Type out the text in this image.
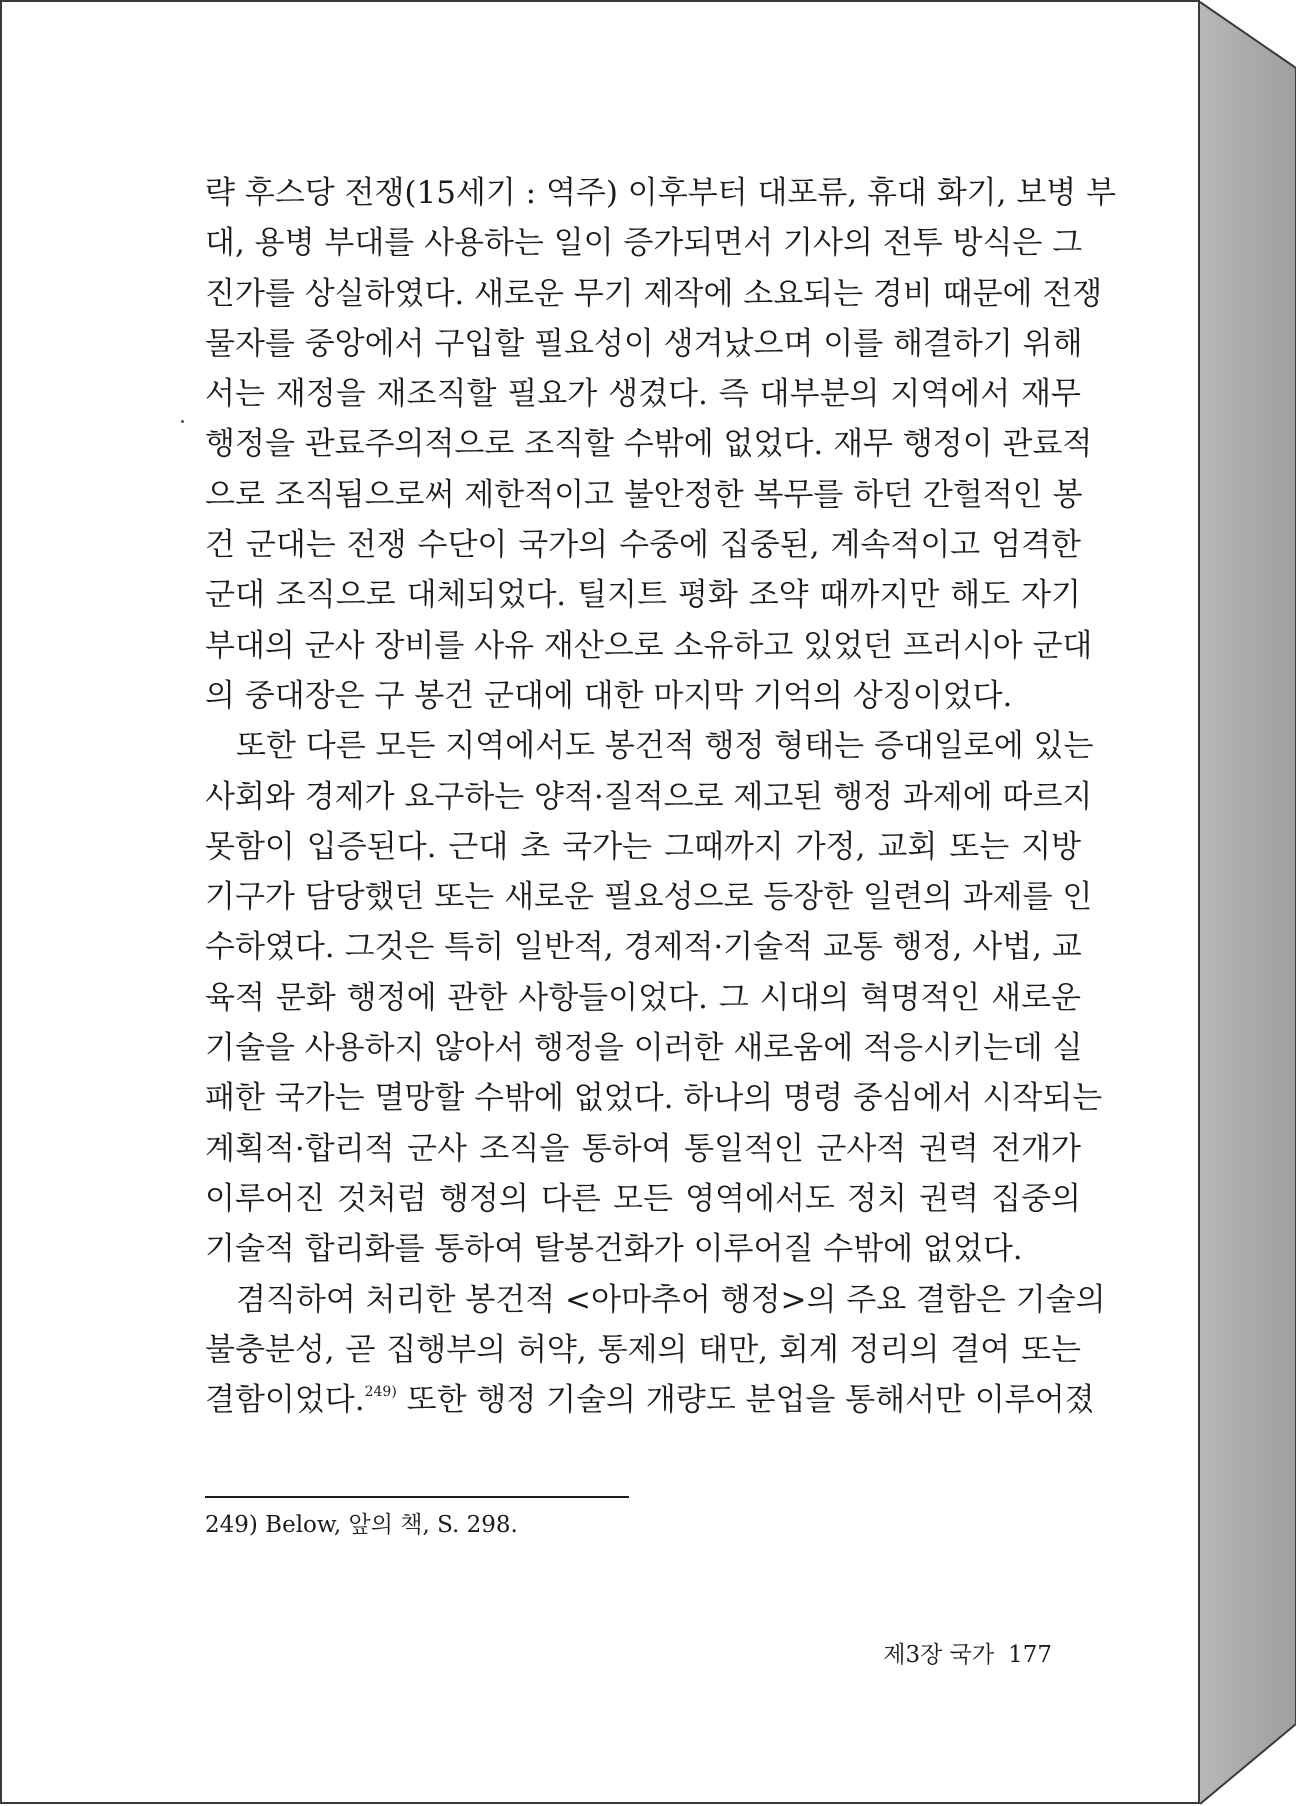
략 후스당 전쟁(15세기 : 역주) 이후부터 대포류, 휴대 화기, 보병 부
대, 용병 부대를 사용하는 일이 증가되면서 기사의 전투 방식은 그
진가를 상실하였다. 새로운 무기 제작에 소요되는 경비 때문에 전쟁
물자를 중앙에서 구입할 필요성이 생겨났으며 이를 해결하기 위해
서는 재정을 재조직할 필요가 생겼다. 즉 대부분의 지역에서 재무
행정을 관료주의적으로 조직할 수밖에 없었다. 재무 행정이 관료적
으로 조직됨으로써 제한적이고 불안정한 복무를 하던 간헐적인 봉
건 군대는 전쟁 수단이 국가의 수중에 집중된, 계속적이고 엄격한
군대 조직으로 대체되었다. 틸지트 평화 조약 때까지만 해도 자기
부대의 군사 장비를 사유 재산으로 소유하고 있었던 프러시아 군대
의 중대장은 구 봉건 군대에 대한 마지막 기억의 상징이었다.
또한 다른 모든 지역에서도 봉건적 행정 형태는 증대일로에 있는
사회와 경제가 요구하는 양적·질적으로 제고된 행정 과제에 따르지
못함이 입증된다. 근대 초 국가는 그때까지 가정, 교회 또는 지방
기구가 담당했던 또는 새로운 필요성으로 등장한 일련의 과제를 인
수하였다. 그것은 특히 일반적, 경제적·기술적 교통 행정, 사법, 교
육적 문화 행정에 관한 사항들이었다. 그 시대의 혁명적인 새로운
기술을 사용하지 않아서 행정을 이러한 새로움에 적응시키는데 실
패한 국가는 멸망할 수밖에 없었다. 하나의 명령 중심에서 시작되는
계획적·합리적 군사 조직을 통하여 통일적인 군사적 권력 전개가
이루어진 것처럼 행정의 다른 모든 영역에서도 정치 권력 집중의
기술적 합리화를 통하여 탈봉건화가 이루어질 수밖에 없었다.
겸직하여 처리한 봉건적 <아마추어 행정>의 주요 결함은 기술의
불충분성, 곧 집행부의 허약, 통제의 태만, 회계 정리의 결여 또는
결함이었다.$^{249)}$ 또한 행정 기술의 개량도 분업을 통해서만 이루어졌
249) Below, 앞의 책, S. 298.
제3장 국가 177
